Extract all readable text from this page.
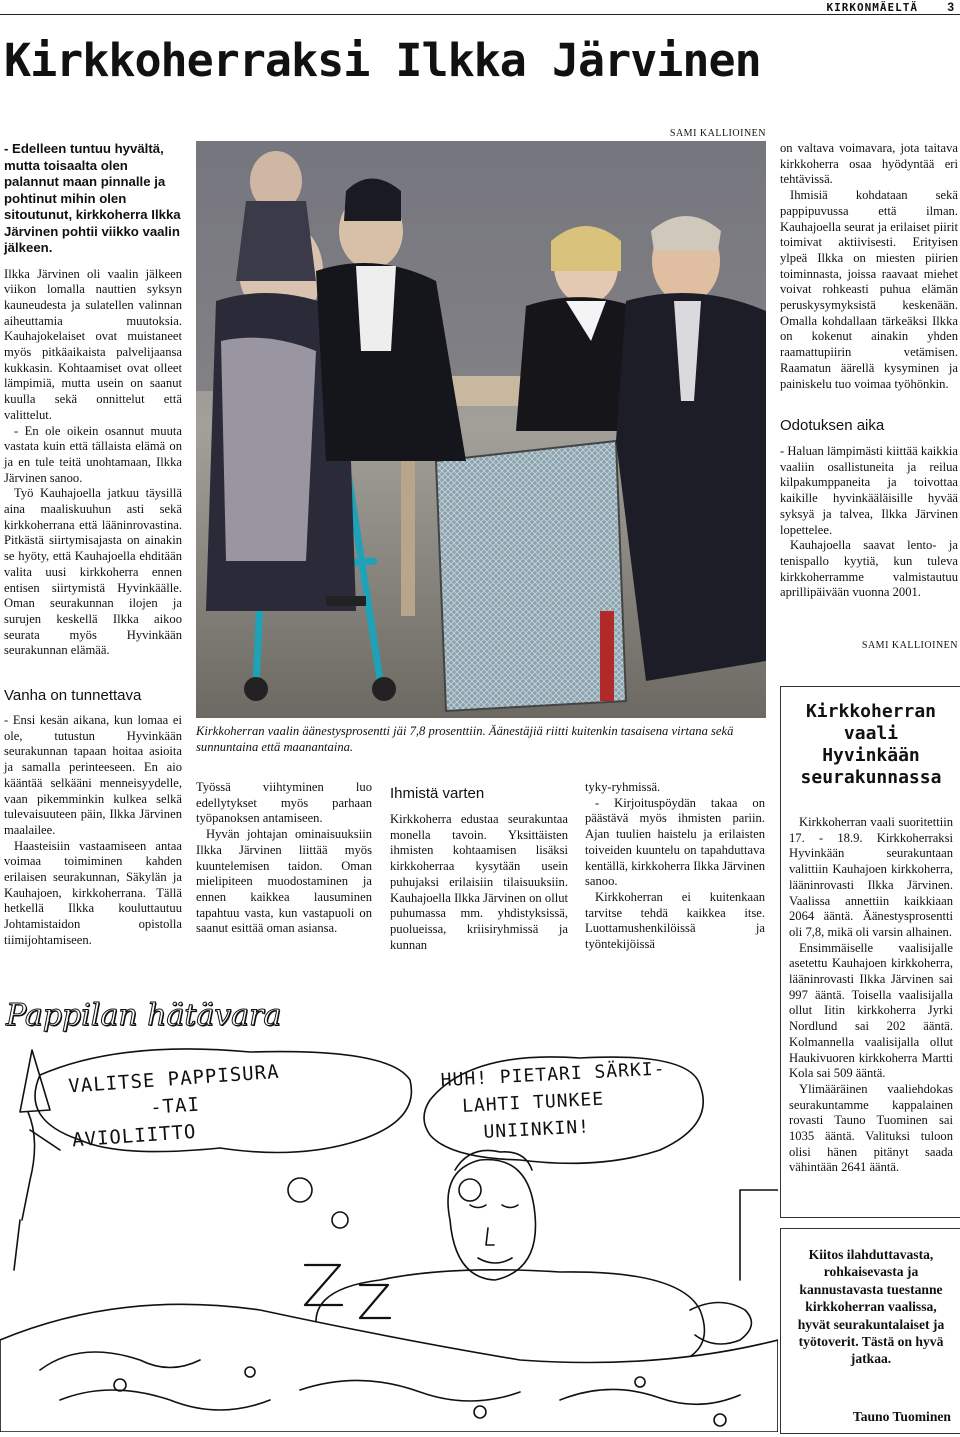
KIRKONMÄELTÄ 3
Kirkkoherraksi Ilkka Järvinen
- Edelleen tuntuu hyvältä, mutta toisaalta olen palannut maan pinnalle ja pohtinut mihin olen sitoutunut, kirkkoherra Ilkka Järvinen pohtii viikko vaalin jälkeen.

Ilkka Järvinen oli vaalin jälkeen viikon lomalla nauttien syksyn kauneudesta ja sulatellen valinnan aiheuttamia muutoksia. Kauhajokelaiset ovat muistaneet myös pitkäaikaista palvelijaansa kukkasin. Kohtaamiset ovat olleet lämpimiä, mutta usein on saanut kuulla sekä onnittelut että valittelut.

- En ole oikein osannut muuta vastata kuin että tällaista elämä on ja en tule teitä unohtamaan, Ilkka Järvinen sanoo.

Työ Kauhajoella jatkuu täysillä aina maaliskuuhun asti sekä kirkkoherrana että lääninrovastina. Pitkästä siirtymisajasta on ainakin se hyöty, että Kauhajoella ehditään valita uusi kirkkoherra ennen entisen siirtymistä Hyvinkäälle. Oman seurakunnan ilojen ja surujen keskellä Ilkka aikoo seurata myös Hyvinkään seurakunnan elämää.

Vanha on tunnettava

- Ensi kesän aikana, kun lomaa ei ole, tutustun Hyvinkään seurakunnan tapaan hoitaa asioita ja samalla perinteeseen. En aio kääntää selkääni menneisyydelle, vaan pikemminkin kulkea selkä tulevaisuuteen päin, Ilkka Järvinen maalailee.

Haasteisiin vastaamiseen antaa voimaa toimiminen kahden erilaisen seurakunnan, Säkylän ja Kauhajoen, kirkkoherrana. Tällä hetkellä Ilkka kouluttautuu Johtamistaidon opistolla tiimijohtamiseen.

SAMI KALLIOINEN
Kirkkoherran vaalin äänestysprosentti jäi 7,8 prosenttiin. Äänestäjiä riitti kuitenkin tasaisena virtana sekä sunnuntaina että maanantaina.

Työssä viihtyminen luo edellytykset myös parhaan työpanoksen antamiseen.

Hyvän johtajan ominaisuuksiin Ilkka Järvinen liittää myös kuuntelemisen taidon. Oman mielipiteen muodostaminen ja ennen kaikkea lausuminen tapahtuu vasta, kun vastapuoli on saanut esittää oman asiansa.

Ihmistä varten

Kirkkoherra edustaa seurakuntaa monella tavoin. Yksittäisten ihmisten kohtaamisen lisäksi kirkkoherraa kysytään usein puhujaksi erilaisiin tilaisuuksiin. Kauhajoella Ilkka Järvinen on ollut puhumassa mm. yhdistyksissä, puolueissa, kriisiryhmissä ja kunnan

tyky-ryhmissä.

- Kirjoituspöydän takaa on päästävä myös ihmisten pariin. Ajan tuulien haistelu ja erilaisten toiveiden kuuntelu on tapahduttava kentällä, kirkkoherra Ilkka Järvinen sanoo.

Kirkkoherran ei kuitenkaan tarvitse tehdä kaikkea itse. Luottamushenkilöissä ja työntekijöissä

on valtava voimavara, jota taitava kirkkoherra osaa hyödyntää eri tehtävissä.

Ihmisiä kohdataan sekä pappipuvussa että ilman. Kauhajoella seurat ja erilaiset piirit toimivat aktiivisesti. Erityisen ylpeä Ilkka on miesten piirien toiminnasta, joissa raavaat miehet voivat rohkeasti puhua elämän peruskysymyksistä keskenään. Omalla kohdallaan tärkeäksi Ilkka on kokenut ainakin yhden raamattupiirin vetämisen. Raamatun äärellä kysyminen ja painiskelu tuo voimaa työhönkin.

Odotuksen aika

- Haluan lämpimästi kiittää kaikkia vaaliin osallistuneita ja reilua kilpakumppaneita ja toivottaa kaikille hyvinkääläisille hyvää syksyä ja talvea, Ilkka Järvinen lopettelee.

Kauhajoella saavat lento- ja tenispallo kyytiä, kun tuleva kirkkoherramme valmistautuu aprillipäivään vuonna 2001.

SAMI KALLIOINEN
Kirkkoherran vaali Hyvinkään seurakunnassa

Kirkkoherran vaali suoritettiin 17. - 18.9. Kirkkoherraksi Hyvinkään seurakuntaan valittiin Kauhajoen kirkkoherra, lääninrovasti Ilkka Järvinen. Vaalissa annettiin kaikkiaan 2064 ääntä. Äänestysprosentti oli 7,8, mikä oli varsin alhainen.

Ensimmäiselle vaalisijalle asetettu Kauhajoen kirkkoherra, lääninrovasti Ilkka Järvinen sai 997 ääntä. Toisella vaalisijalla ollut Iitin kirkkoherra Jyrki Nordlund sai 202 ääntä. Kolmannella vaalisijalla ollut Haukivuoren kirkkoherra Martti Kola sai 509 ääntä.

Ylimääräinen vaaliehdokas seurakuntamme kappalainen rovasti Tauno Tuominen sai 1035 ääntä. Valituksi tuloon olisi hänen pitänyt saada vähintään 2641 ääntä.

Kiitos ilahduttavasta, rohkaisevasta ja kannustavasta tuestanne kirkkoherran vaalissa, hyvät seurakuntalaiset ja työtoverit. Tästä on hyvä jatkaa.
Tauno Tuominen
Pappilan hätävara
VALITSE PAPPISURA
-TAI
AVIOLIITTO
HUH! PIETARI SÄRKI-
LAHTI TUNKEE
UNIINKIN!
